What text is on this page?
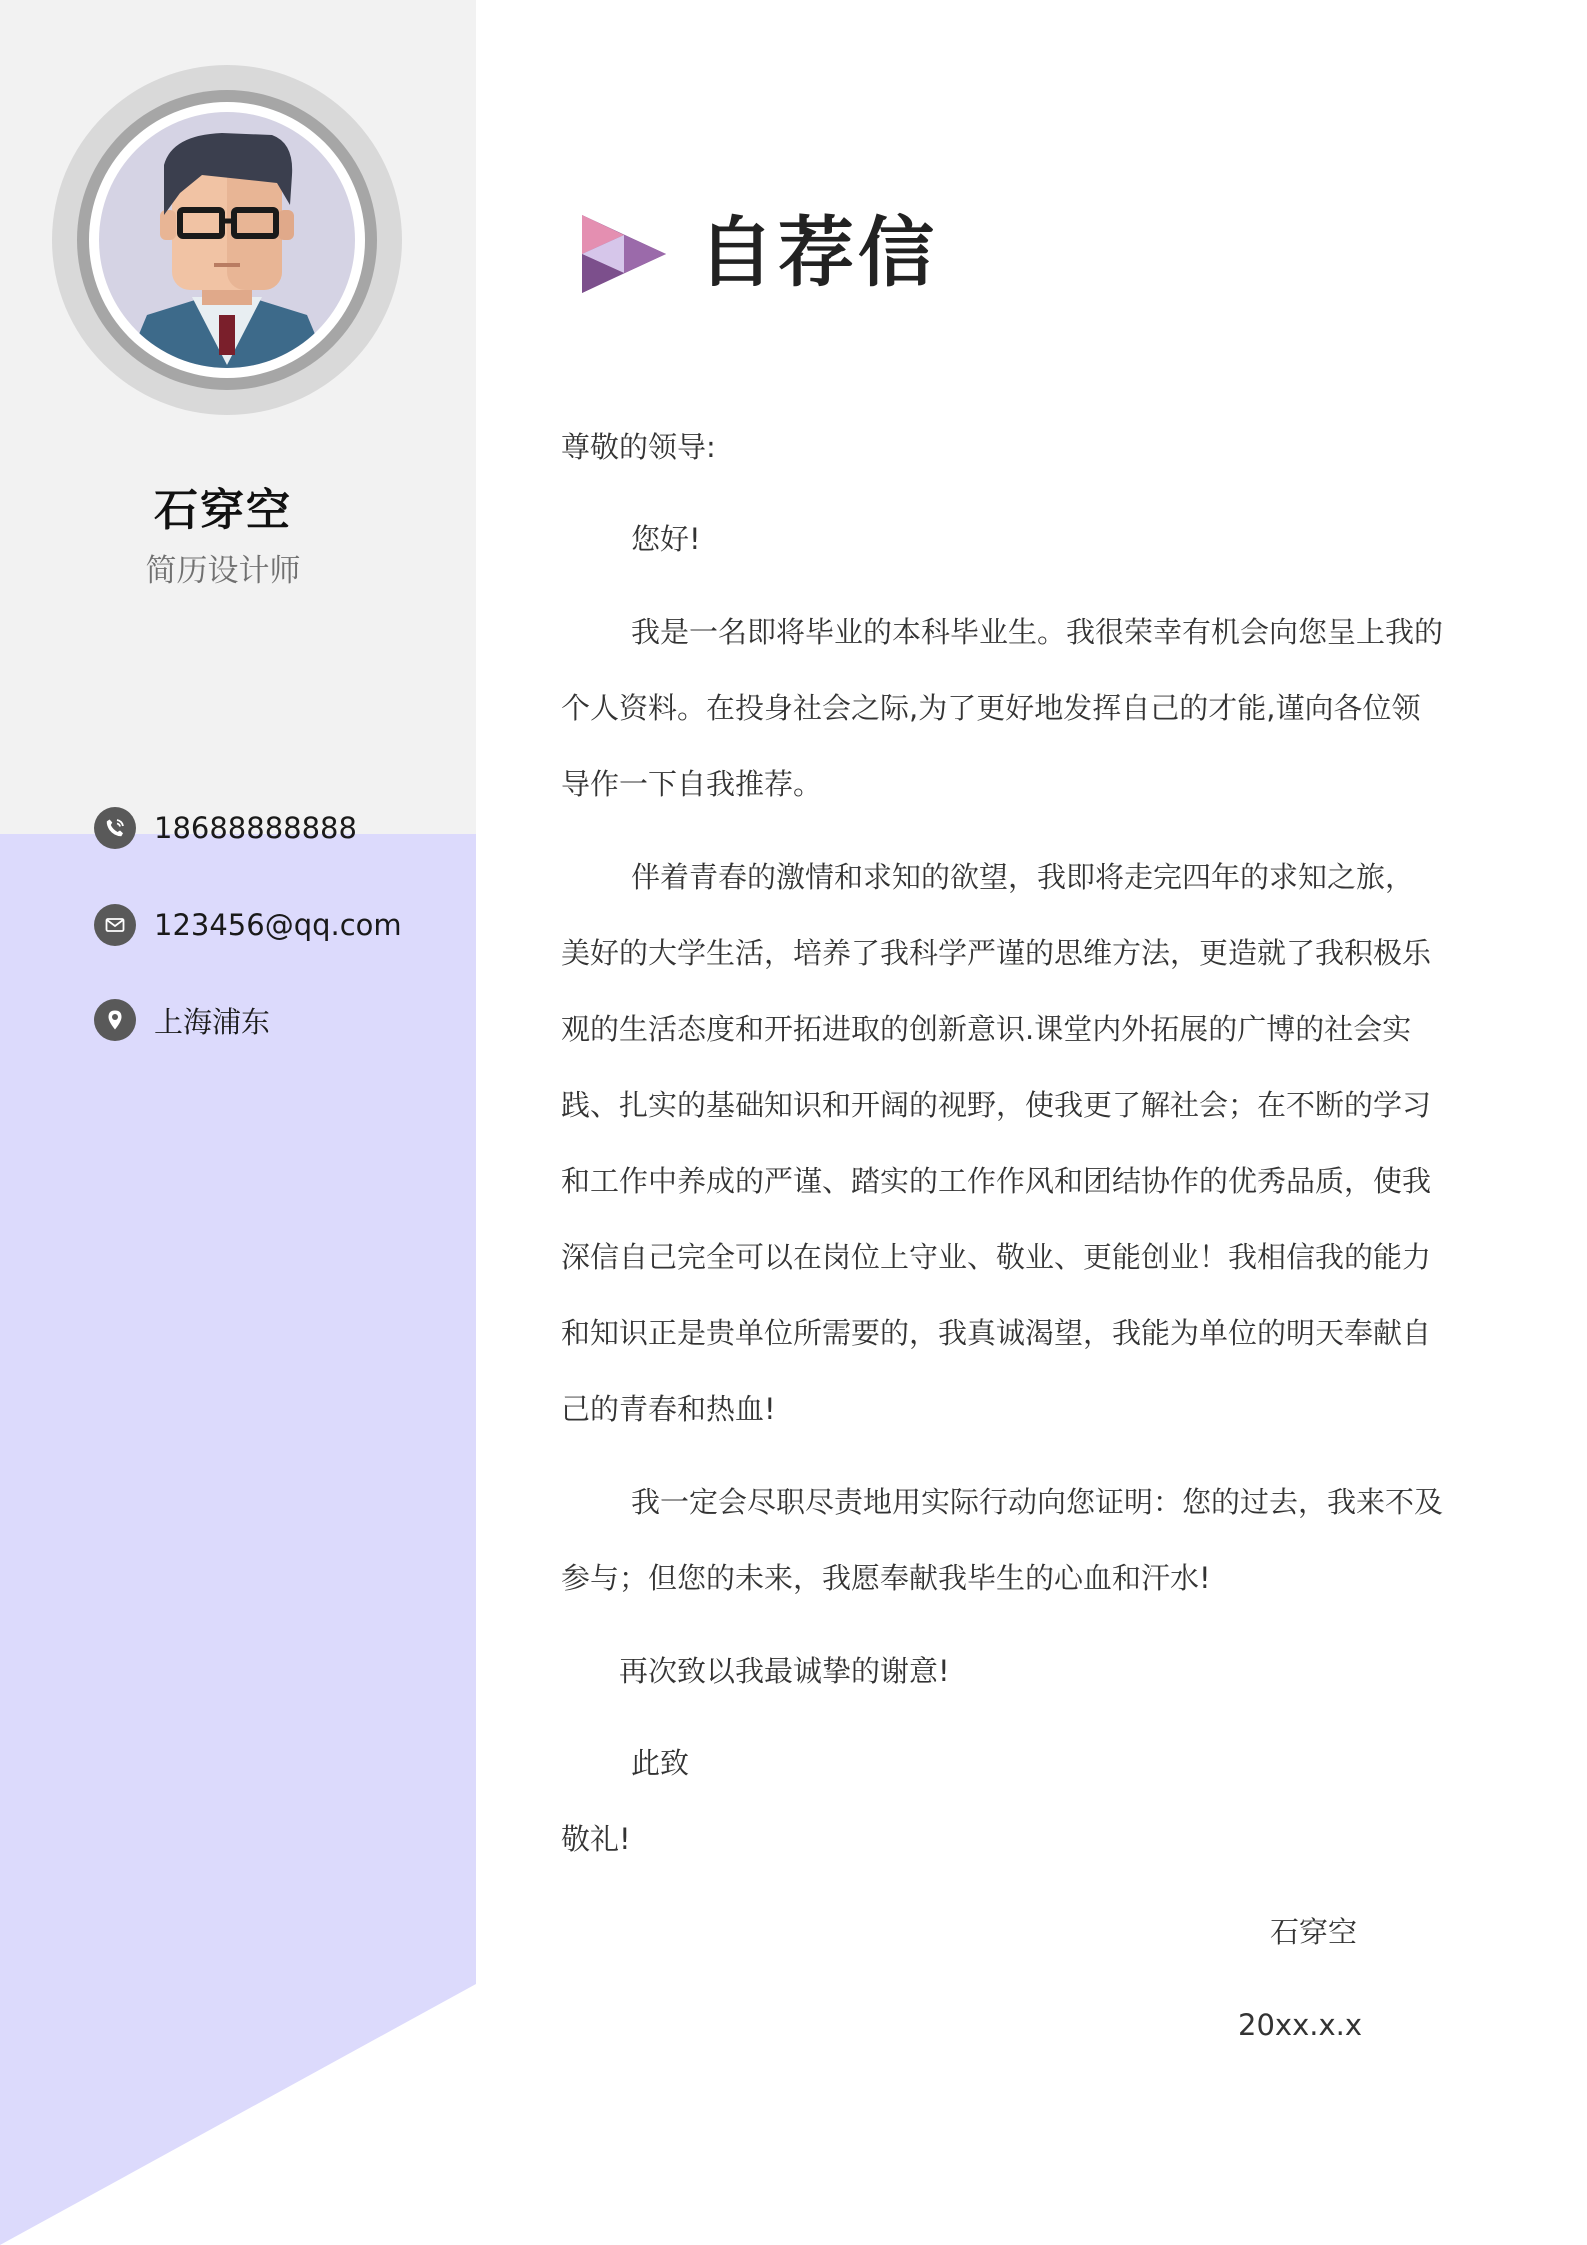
石穿空
简历设计师
18688888888
123456@qq.com
上海浦东
自荐信
尊敬的领导:
您好!
我是一名即将毕业的本科毕业生。我很荣幸有机会向您呈上我的
个人资料。在投身社会之际,为了更好地发挥自己的才能,谨向各位领
导作一下自我推荐。
伴着青春的激情和求知的欲望，我即将走完四年的求知之旅，
美好的大学生活，培养了我科学严谨的思维方法，更造就了我积极乐
观的生活态度和开拓进取的创新意识.课堂内外拓展的广博的社会实
践、扎实的基础知识和开阔的视野，使我更了解社会；在不断的学习
和工作中养成的严谨、踏实的工作作风和团结协作的优秀品质，使我
深信自己完全可以在岗位上守业、敬业、更能创业！我相信我的能力
和知识正是贵单位所需要的，我真诚渴望，我能为单位的明天奉献自
己的青春和热血!
我一定会尽职尽责地用实际行动向您证明：您的过去，我来不及
参与；但您的未来，我愿奉献我毕生的心血和汗水!
再次致以我最诚挚的谢意!
此致
敬礼!
石穿空
20xx.x.x
